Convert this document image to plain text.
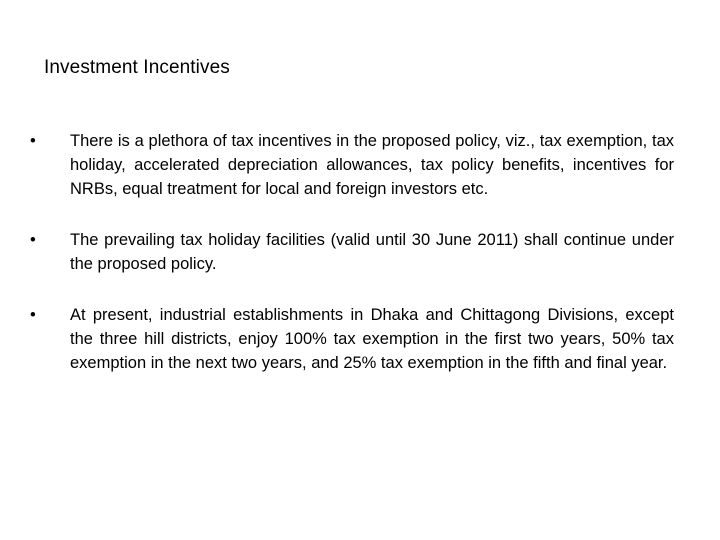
Investment Incentives
•	There is a plethora of tax incentives in the proposed policy, viz., tax exemption, tax holiday, accelerated depreciation allowances, tax policy benefits, incentives for NRBs, equal treatment for local and foreign investors etc.
•	The prevailing tax holiday facilities (valid until 30 June 2011) shall continue under the proposed policy.
•	At present, industrial establishments in Dhaka and Chittagong Divisions, except the three hill districts, enjoy 100% tax exemption in the first two years, 50% tax exemption in the next two years, and 25% tax exemption in the fifth and final year.
